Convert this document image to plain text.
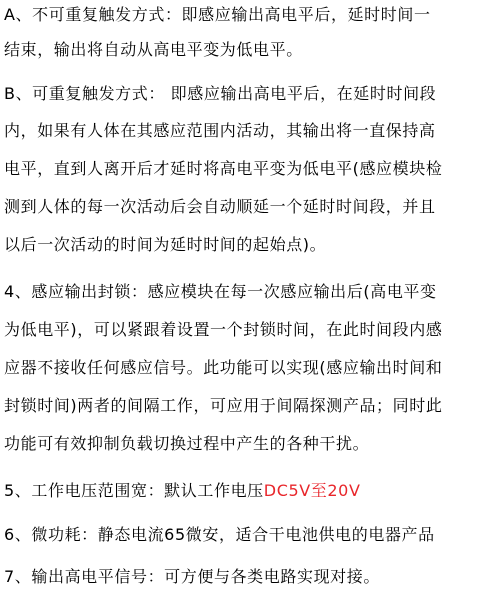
A、不可重复触发方式：即感应输出高电平后，延时时间一
结束，输出将自动从高电平变为低电平。
B、可重复触发方式： 即感应输出高电平后，在延时时间段
内，如果有人体在其感应范围内活动，其输出将一直保持高
电平，直到人离开后才延时将高电平变为低电平(感应模块检
测到人体的每一次活动后会自动顺延一个延时时间段，并且
以后一次活动的时间为延时时间的起始点)。
4、感应输出封锁：感应模块在每一次感应输出后(高电平变
为低电平)，可以紧跟着设置一个封锁时间，在此时间段内感
应器不接收任何感应信号。此功能可以实现(感应输出时间和
封锁时间)两者的间隔工作，可应用于间隔探测产品；同时此
功能可有效抑制负载切换过程中产生的各种干扰。
5、工作电压范围宽：默认工作电压DC5V至20V
6、微功耗：静态电流65微安，适合干电池供电的电器产品
7、输出高电平信号：可方便与各类电路实现对接。
